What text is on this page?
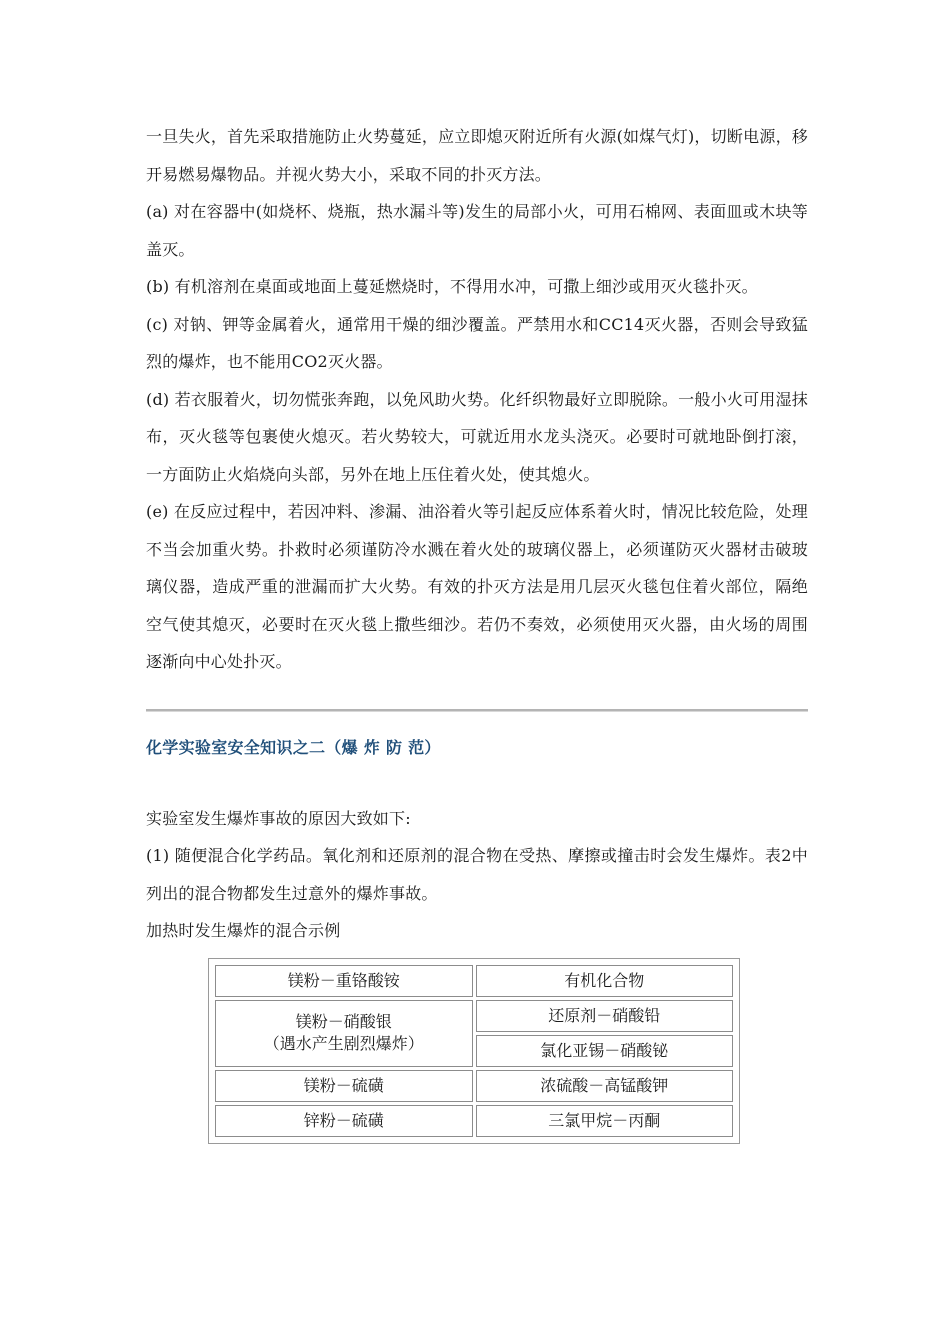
一旦失火，首先采取措施防止火势蔓延，应立即熄灭附近所有火源(如煤气灯)，切断电源，移开易燃易爆物品。并视火势大小，采取不同的扑灭方法。

(a) 对在容器中(如烧杯、烧瓶，热水漏斗等)发生的局部小火，可用石棉网、表面皿或木块等盖灭。

(b) 有机溶剂在桌面或地面上蔓延燃烧时，不得用水冲，可撒上细沙或用灭火毯扑灭。

(c) 对钠、钾等金属着火，通常用干燥的细沙覆盖。严禁用水和CC14灭火器，否则会导致猛烈的爆炸，也不能用CO2灭火器。

(d) 若衣服着火，切勿慌张奔跑，以免风助火势。化纤织物最好立即脱除。一般小火可用湿抹布，灭火毯等包裹使火熄灭。若火势较大，可就近用水龙头浇灭。必要时可就地卧倒打滚，一方面防止火焰烧向头部，另外在地上压住着火处，使其熄火。

(e) 在反应过程中，若因冲料、渗漏、油浴着火等引起反应体系着火时，情况比较危险，处理不当会加重火势。扑救时必须谨防冷水溅在着火处的玻璃仪器上，必须谨防灭火器材击破玻璃仪器，造成严重的泄漏而扩大火势。有效的扑灭方法是用几层灭火毯包住着火部位，隔绝空气使其熄灭，必要时在灭火毯上撒些细沙。若仍不奏效，必须使用灭火器，由火场的周围逐渐向中心处扑灭。

化学实验室安全知识之二（爆 炸 防 范）

实验室发生爆炸事故的原因大致如下:

(1) 随便混合化学药品。氧化剂和还原剂的混合物在受热、摩擦或撞击时会发生爆炸。表2中列出的混合物都发生过意外的爆炸事故。

加热时发生爆炸的混合示例

镁粉－重铬酸铵	有机化合物

镁粉－硝酸银
（遇水产生剧烈爆炸）	还原剂－硝酸铅
	氯化亚锡－硝酸铋
镁粉－硫磺	浓硫酸－高锰酸钾
锌粉－硫磺	三氯甲烷－丙酮
